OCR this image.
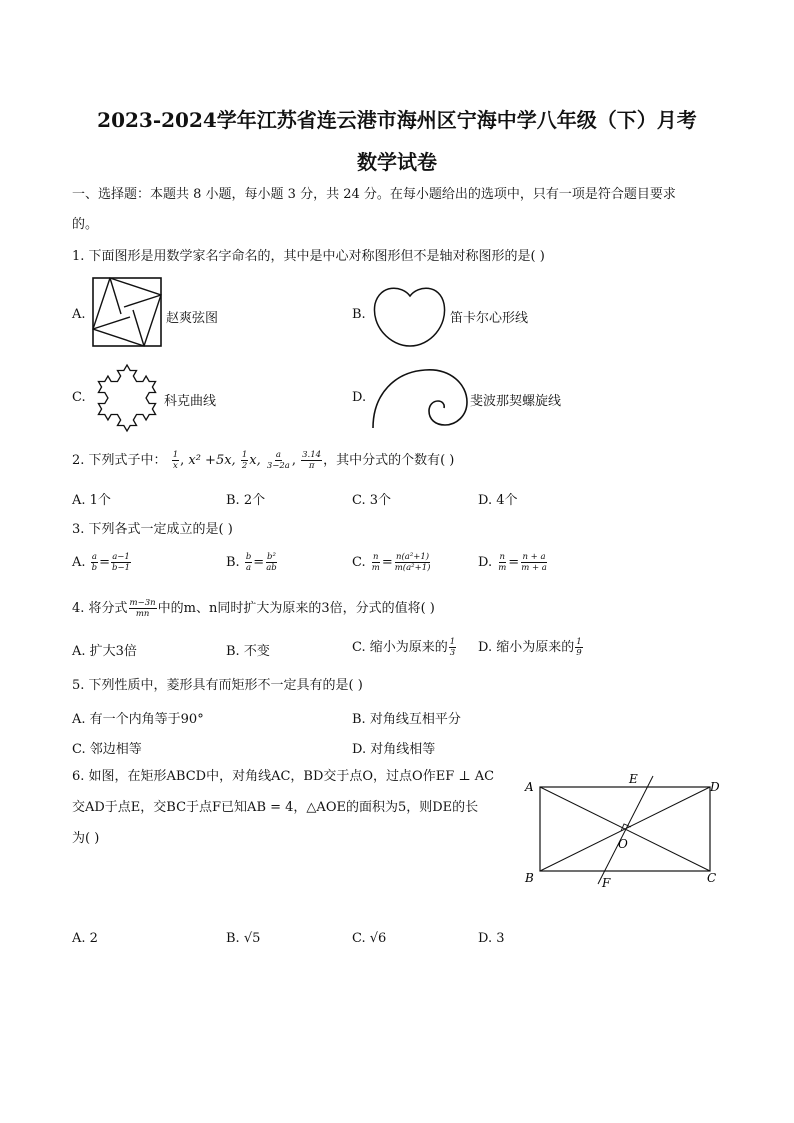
2023-2024学年江苏省连云港市海州区宁海中学八年级（下）月考
数学试卷
一、选择题：本题共 8 小题，每小题 3 分，共 24 分。在每小题给出的选项中，只有一项是符合题目要求
的。
1. 下面图形是用数学家名字命名的，其中是中心对称图形但不是轴对称图形的是( )
A.	赵爽弦图	B.	笛卡尔心形线
C.	科克曲线	D.	斐波那契螺旋线
2. 下列式子中： $\frac{1}{x}$ , x² +5x, $\frac{1}{2} x$, $\frac{a}{3-2a}$ , $\frac{3.14}{\pi}$ ，其中分式的个数有( )
A. 1个	B. 2个	C. 3个	D. 4个
3. 下列各式一定成立的是( )
A. $\frac{a}{b} = \frac{a-1}{b-1}$	B. $\frac{b}{a} = \frac{\text{b²}}{ab}$	C. $\frac{n}{m} = \frac{\text{n(a²+1)}}{\text{m(a²+1)}}$	D. $\frac{n}{m} = \frac{n + a}{m + a}$
4. 将分式 $\frac{m-3n}{mn}$ 中的m、n同时扩大为原来的3倍，分式的值将( )
A. 扩大3倍	B. 不变	C. 缩小为原来的 $\frac{1}{3} D$. 缩小为原来的 $\frac{1}{9}$
5. 下列性质中，菱形具有而矩形不一定具有的是( )
A. 有一个内角等于90°	B. 对角线互相平分
C. 邻边相等	D. 对角线相等
6. 如图，在矩形ABCD中，对角线AC，BD交于点O，过点O作EF ⊥ AC
交AD于点E，交BC于点F已知AB = 4，△AOE的面积为5，则DE的长
为( )
A
B	C
D
E
F
O
A. 2	B. √5	C. √6	D. 3
